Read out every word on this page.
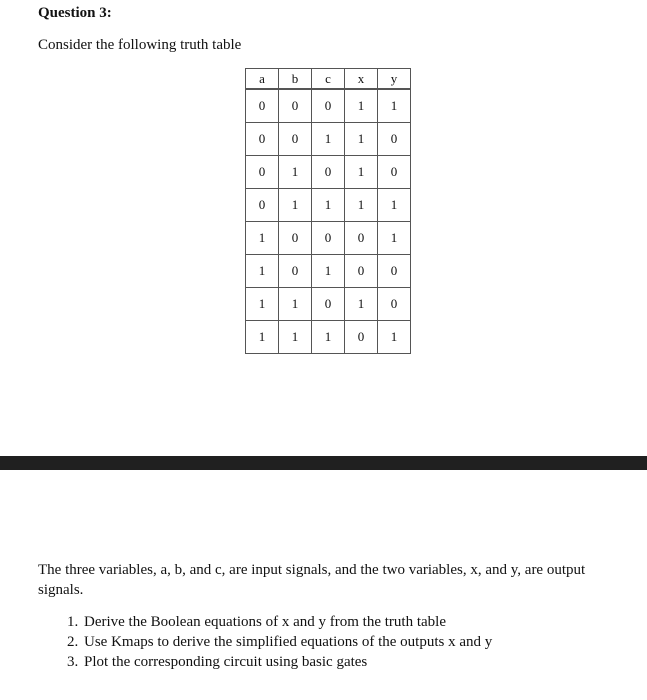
Question 3:
Consider the following truth table
a	b	c	x	y
0	0	0	1	1
0	0	1	1	0
0	1	0	1	0
0	1	1	1	1
1	0	0	0	1
1	0	1	0	0
1	1	0	1	0
1	1	1	0	1
The three variables, a, b, and c, are input signals, and the two variables, x, and y, are output signals.
1. Derive the Boolean equations of x and y from the truth table
2. Use Kmaps to derive the simplified equations of the outputs x and y
3. Plot the corresponding circuit using basic gates
